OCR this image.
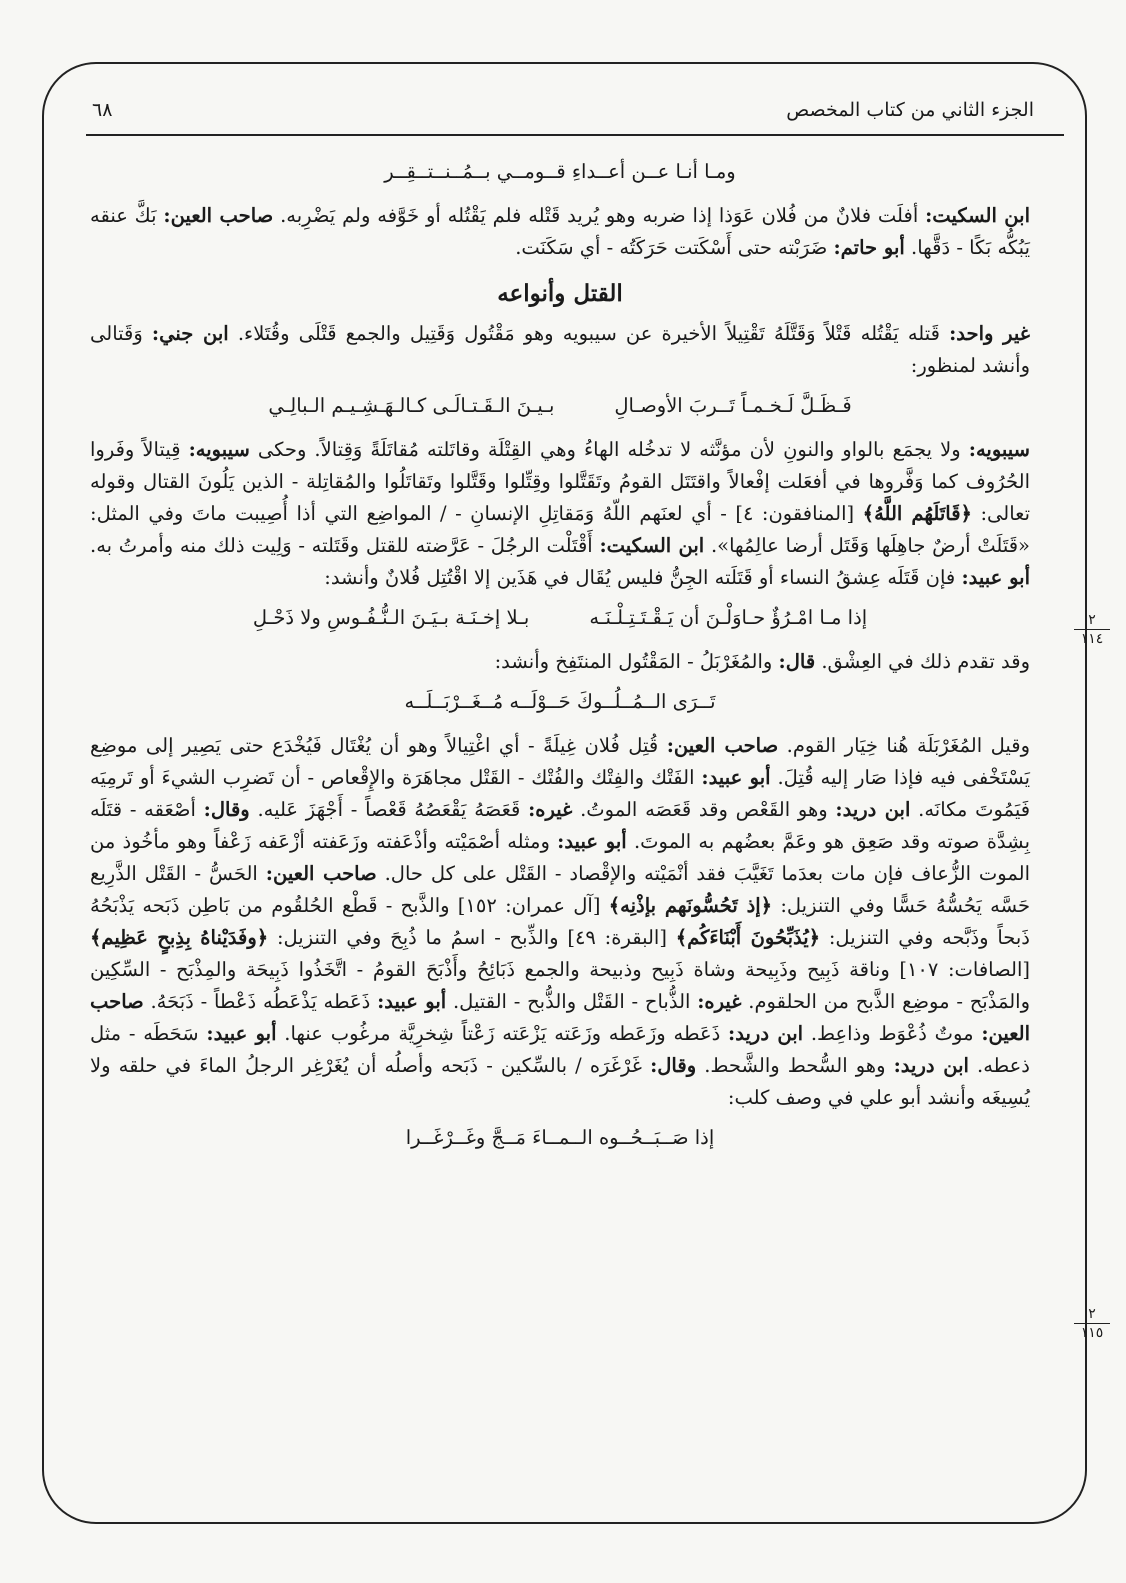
الجزء الثاني من كتاب المخصص
٦٨
٢
١١٤
٢
١١٥
ومـا أنـا عــن أعــداءِ قــومــي بــمُــنــتــقِــر

ابن السكيت: أفلَت فلانٌ من فُلان عَوَذا إذا ضربه وهو يُريد قَتْله فلم يَقْتُله أو خَوَّفه ولم يَضْرِبه. صاحب العين: بَكَّ عنقه يَبُكُّه بَكًا - دَقَّها. أبو حاتم: ضَرَبْته حتى أَسْكَتت حَرَكَتُه - أي سَكَنَت.

القتل وأنواعه

غير واحد: قَتله يَقْتُله قَتْلاً وَقَتَّلَهُ تَقْتِيلاً الأخيرة عن سيبويه وهو مَقْتُول وَقَتِيل والجمع قَتْلَى وقُتَلاء. ابن جني: وَقَتالى وأنشد لمنظور:

فَـظَـلَّ لَـخـمـاً تَــربَ الأوصـالِ
بـيـنَ الـقَـتـالَـى كـالـهَـشِـيـم الـبالِـي

سيبويه: ولا يجمَع بالواو والنونِ لأن مؤنَّثه لا تدخُله الهاءُ وهي القِتْلَة وقاتَلته مُقاتَلَةً وَقِتالاً. وحكى سيبويه: قِيتالاً وفَروا الحُرُوف كما وَفَّروها في أفعَلت إفْعالاً واقتَتَل القومُ وتَقَتَّلوا وقِتِّلوا وقَتَّلوا وتَقاتَلُوا والمُقاتِلة - الذين يَلُونَ القتال وقوله تعالى: ﴿قَاتَلَهُم اللَّهُ﴾ [المنافقون: ٤] - أي لعنَهم اللّهُ وَمَقاتِلِ الإنسانِ - / المواضِع التي أذا أُصِيبت ماتَ وفي المثل: «قَتَلَتْ أرضٌ جاهِلَها وَقَتَل أرضا عالِمُها». ابن السكيت: أَقْتَلْت الرجُلَ - عَرَّضته للقتل وقَتَلته - وَلِيت ذلك منه وأمرتُ به. أبو عبيد: فإن قَتَلَه عِشقُ النساء أو قَتَلَته الجِنُّ فليس يُقَال في هَذَين إلا اقْتُتِل فُلانٌ وأنشد:

إذا مـا امْـرُؤٌ حـاوَلْـنَ أن يَـقْـتَـتِـلْـنَـه
بـلا إخـنَـة بـيَـنَ الـنُّـفُـوسِ ولا ذَحْـلِ

وقد تقدم ذلك في العِشْق. قال: والمُغَرْبَلُ - المَقْتُول المنتَفِخ وأنشد:

تَــرَى الــمُــلُــوكَ حَــوْلَــه مُــغَــرْبَــلَــه

وقيل المُغَرْبَلَة هُنا خِيَار القوم. صاحب العين: قُتِل فُلان غِيلَةً - أي اغْتِيالاً وهو أن يُغْتَال فَيُخْدَع حتى يَصِير إلى موضِع يَسْتَخْفى فيه فإذا صَار إليه قُتِلَ. أبو عبيد: الفَتْك والفِتْك والفُتْك - القَتْل مجاهَرَة والإِقْعاص - أن تَضرِب الشيءَ أو تَرمِيَه فَيَمُوتَ مكانَه. ابن دريد: وهو القَعْص وقد قَعَصَه الموتُ. غيره: قَعَصَهُ يَقْعَصُهُ قَعْصاً - أَجْهَزَ عَليه. وقال: أصْعَقه - قتَلَه بِشِدَّة صوته وقد صَعِق هو وعَمَّ بعضُهم به الموتَ. أبو عبيد: ومثله أصْمَيْته وأذْعَفته وزَعَفته أزْعَفه زَعْفاً وهو مأخُوذ من الموت الزُّعاف فإن مات بعدَما تَغَيَّبَ فقد أنْمَيْته والإقْصاد - القَتْل على كل حال. صاحب العين: الحَسُّ - القَتْل الذَّرِيع حَسَّه يَحُسُّهُ حَسًّا وفي التنزيل: ﴿إذ تَحُسُّونَهم بإذْنِه﴾ [آل عمران: ١٥٢] والذَّبح - قَطْع الحُلقُوم من بَاطِن ذَبَحه يَذْبَحُهُ ذَبحاً وذَبَّحه وفي التنزيل: ﴿يُذَبِّحُونَ أَبْنَاءَكُم﴾ [البقرة: ٤٩] والذِّبح - اسمُ ما ذُبِحَ وفي التنزيل: ﴿وفَدَيْناهُ بِذِبحٍ عَظِيم﴾ [الصافات: ١٠٧] وناقة ذَبِيح وذَبِيحة وشاة ذَبِيح وذبيحة والجمع ذَبَائِحُ وأَذْبَحَ القومُ - اتَّخَذُوا ذَبِيحَة والمِذْبَح - السِّكِين والمَذْبَح - موضِع الذَّبح من الحلقوم. غيره: الذُّباح - القَتْل والذُّبح - القتيل. أبو عبيد: ذَعَطه يَذْعَطُه ذَعْطاً - ذَبَحَهُ. صاحب العين: موتٌ ذُعْوَط وذاعِط. ابن دريد: ذَعَطه وزَعَطه وزَعَته يَزْعَته زَعْتاً شِخرِيَّة مرغُوب عنها. أبو عبيد: سَحَطَه - مثل ذعطه. ابن دريد: وهو السُّحط والشَّحط. وقال: غَرْغَرَه / بالسِّكين - ذَبَحه وأصلُه أن يُغَرْغِر الرجلُ الماءَ في حلقه ولا يُسِيغَه وأنشد أبو علي في وصف كلب:

إذا صَــبَــحُــوه الــمــاءَ مَــجَّ وغَــرْغَــرا
